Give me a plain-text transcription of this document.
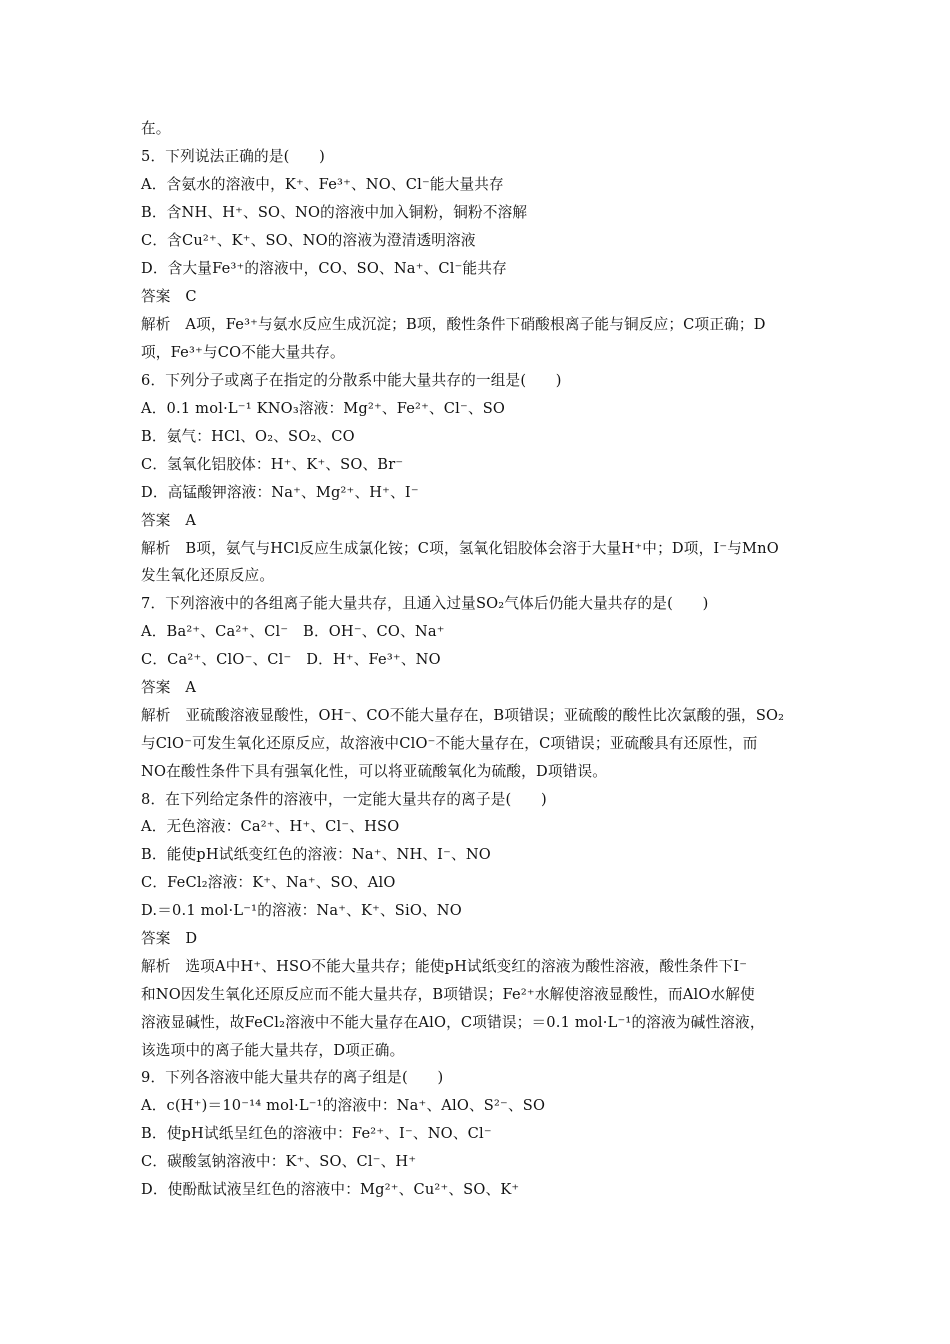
在。
5．下列说法正确的是(　　)
A．含氨水的溶液中，K⁺、Fe³⁺、NO、Cl⁻能大量共存
B．含NH、H⁺、SO、NO的溶液中加入铜粉，铜粉不溶解
C．含Cu²⁺、K⁺、SO、NO的溶液为澄清透明溶液
D．含大量Fe³⁺的溶液中，CO、SO、Na⁺、Cl⁻能共存
答案　C
解析　A项，Fe³⁺与氨水反应生成沉淀；B项，酸性条件下硝酸根离子能与铜反应；C项正确；D
项，Fe³⁺与CO不能大量共存。
6．下列分子或离子在指定的分散系中能大量共存的一组是(　　)
A．0.1 mol·L⁻¹ KNO₃溶液：Mg²⁺、Fe²⁺、Cl⁻、SO
B．氨气：HCl、O₂、SO₂、CO
C．氢氧化铝胶体：H⁺、K⁺、SO、Br⁻
D．高锰酸钾溶液：Na⁺、Mg²⁺、H⁺、I⁻
答案　A
解析　B项，氨气与HCl反应生成氯化铵；C项，氢氧化铝胶体会溶于大量H⁺中；D项，I⁻与MnO
发生氧化还原反应。
7．下列溶液中的各组离子能大量共存，且通入过量SO₂气体后仍能大量共存的是(　　)
A．Ba²⁺、Ca²⁺、Cl⁻　B．OH⁻、CO、Na⁺
C．Ca²⁺、ClO⁻、Cl⁻　D．H⁺、Fe³⁺、NO
答案　A
解析　亚硫酸溶液显酸性，OH⁻、CO不能大量存在，B项错误；亚硫酸的酸性比次氯酸的强，SO₂
与ClO⁻可发生氧化还原反应，故溶液中ClO⁻不能大量存在，C项错误；亚硫酸具有还原性，而
NO在酸性条件下具有强氧化性，可以将亚硫酸氧化为硫酸，D项错误。
8．在下列给定条件的溶液中，一定能大量共存的离子是(　　)
A．无色溶液：Ca²⁺、H⁺、Cl⁻、HSO
B．能使pH试纸变红色的溶液：Na⁺、NH、I⁻、NO
C．FeCl₂溶液：K⁺、Na⁺、SO、AlO
D.＝0.1 mol·L⁻¹的溶液：Na⁺、K⁺、SiO、NO
答案　D
解析　选项A中H⁺、HSO不能大量共存；能使pH试纸变红的溶液为酸性溶液，酸性条件下I⁻
和NO因发生氧化还原反应而不能大量共存，B项错误；Fe²⁺水解使溶液显酸性，而AlO水解使
溶液显碱性，故FeCl₂溶液中不能大量存在AlO，C项错误；＝0.1 mol·L⁻¹的溶液为碱性溶液，
该选项中的离子能大量共存，D项正确。
9．下列各溶液中能大量共存的离子组是(　　)
A．c(H⁺)＝10⁻¹⁴ mol·L⁻¹的溶液中：Na⁺、AlO、S²⁻、SO
B．使pH试纸呈红色的溶液中：Fe²⁺、I⁻、NO、Cl⁻
C．碳酸氢钠溶液中：K⁺、SO、Cl⁻、H⁺
D．使酚酞试液呈红色的溶液中：Mg²⁺、Cu²⁺、SO、K⁺
